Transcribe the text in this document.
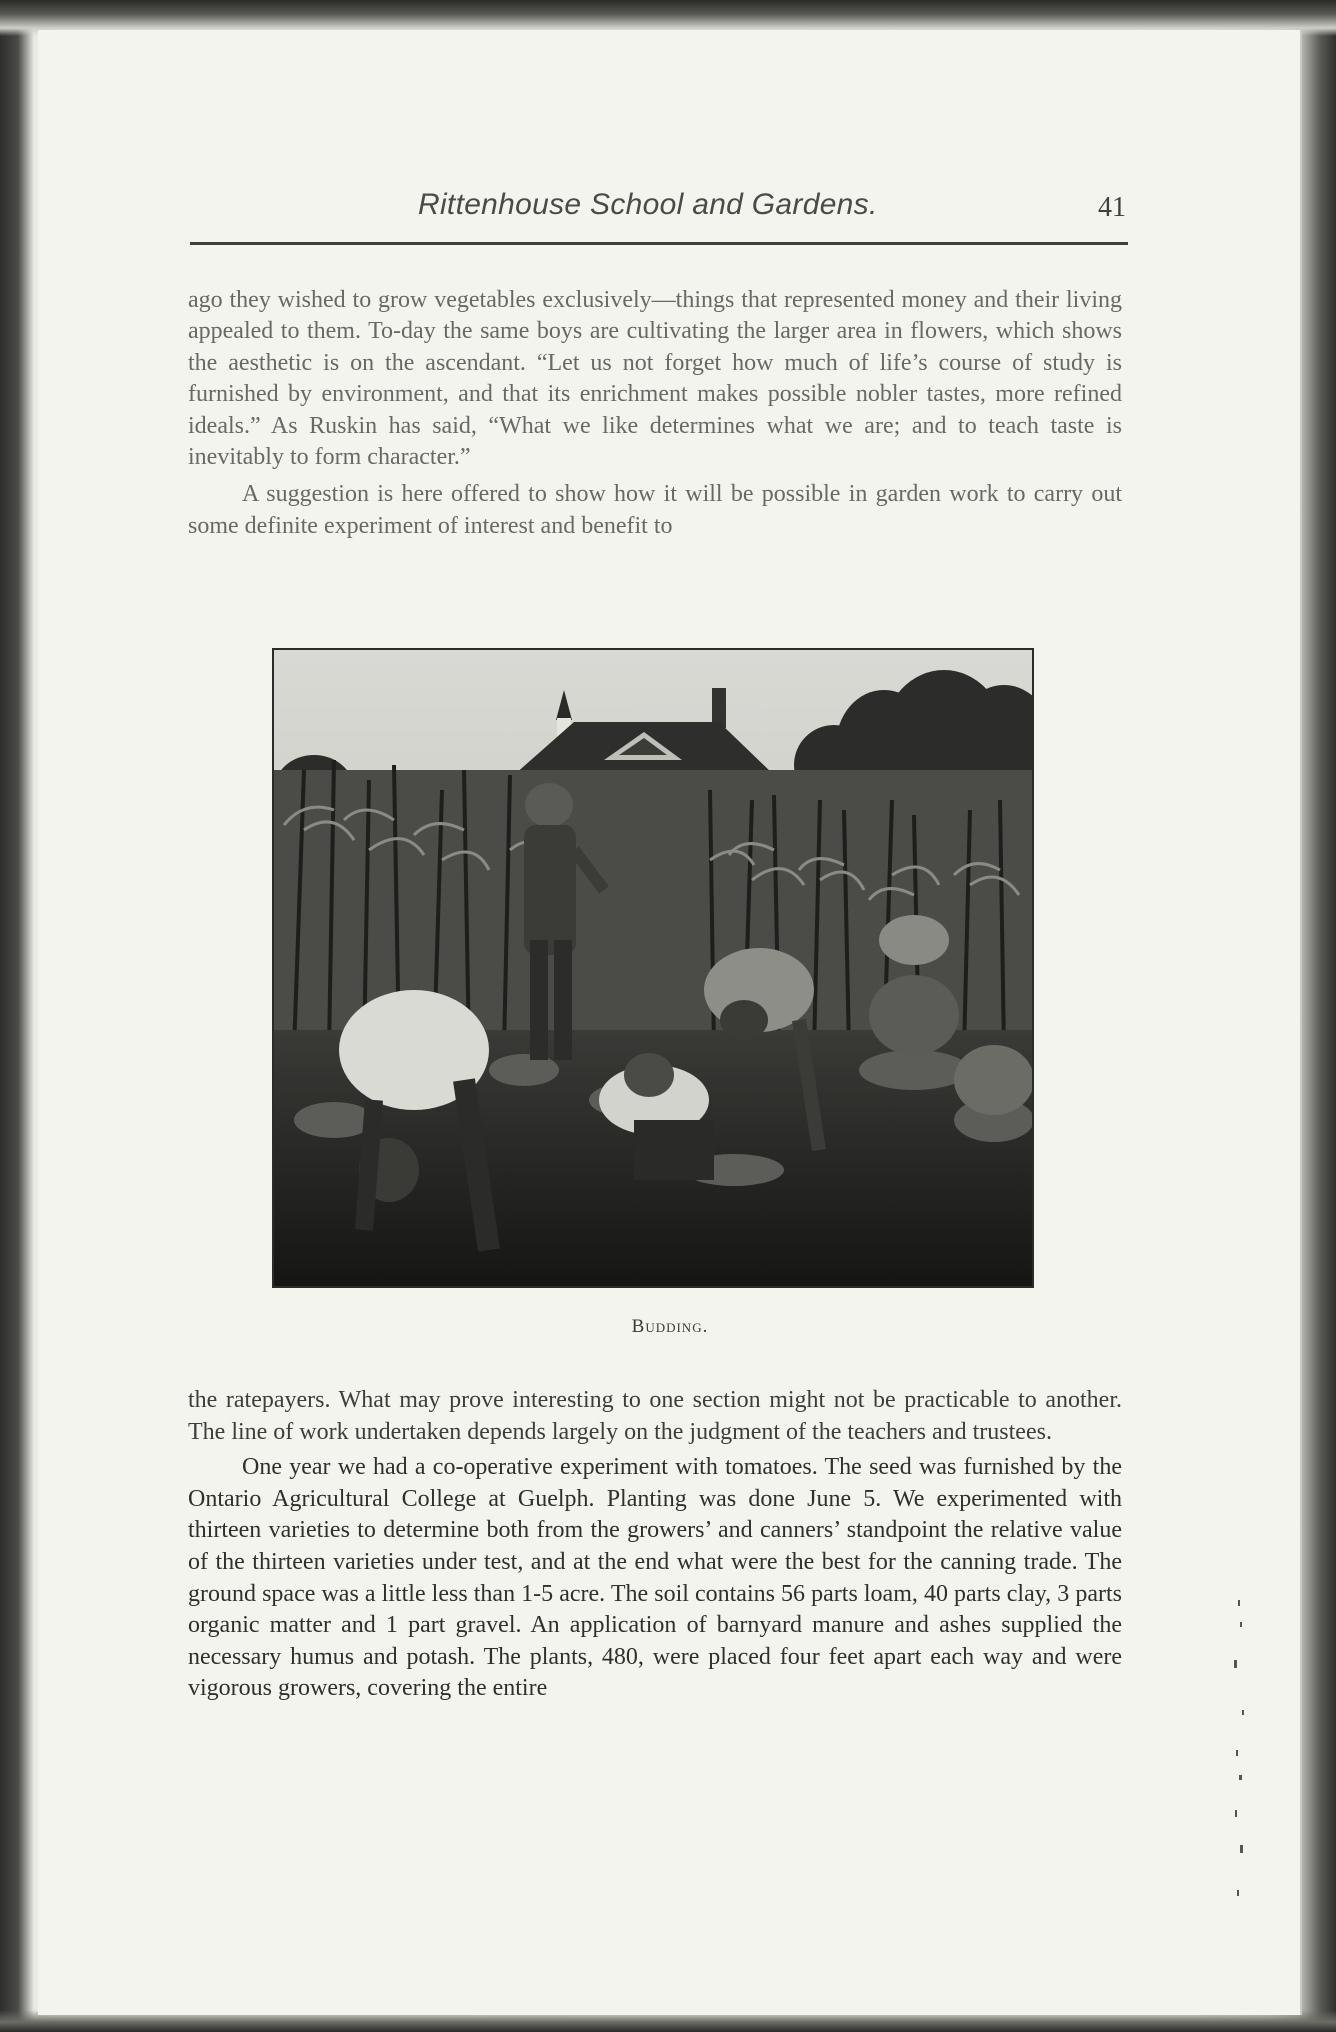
Rittenhouse School and Gardens.	41

ago they wished to grow vegetables exclusively—things that represented money and their living appealed to them. To-day the same boys are cultivating the larger area in flowers, which shows the aesthetic is on the ascendant. “Let us not forget how much of life’s course of study is furnished by environment, and that its enrichment makes possible nobler tastes, more refined ideals.” As Ruskin has said, “What we like determines what we are; and to teach taste is inevitably to form character.”

A suggestion is here offered to show how it will be possible in garden work to carry out some definite experiment of interest and benefit to

Budding.

the ratepayers. What may prove interesting to one section might not be practicable to another. The line of work undertaken depends largely on the judgment of the teachers and trustees.

One year we had a co-operative experiment with tomatoes. The seed was furnished by the Ontario Agricultural College at Guelph. Planting was done June 5. We experimented with thirteen varieties to determine both from the growers’ and canners’ standpoint the relative value of the thirteen varieties under test, and at the end what were the best for the canning trade. The ground space was a little less than 1-5 acre. The soil contains 56 parts loam, 40 parts clay, 3 parts organic matter and 1 part gravel. An application of barnyard manure and ashes supplied the necessary humus and potash. The plants, 480, were placed four feet apart each way and were vigorous growers, covering the entire
